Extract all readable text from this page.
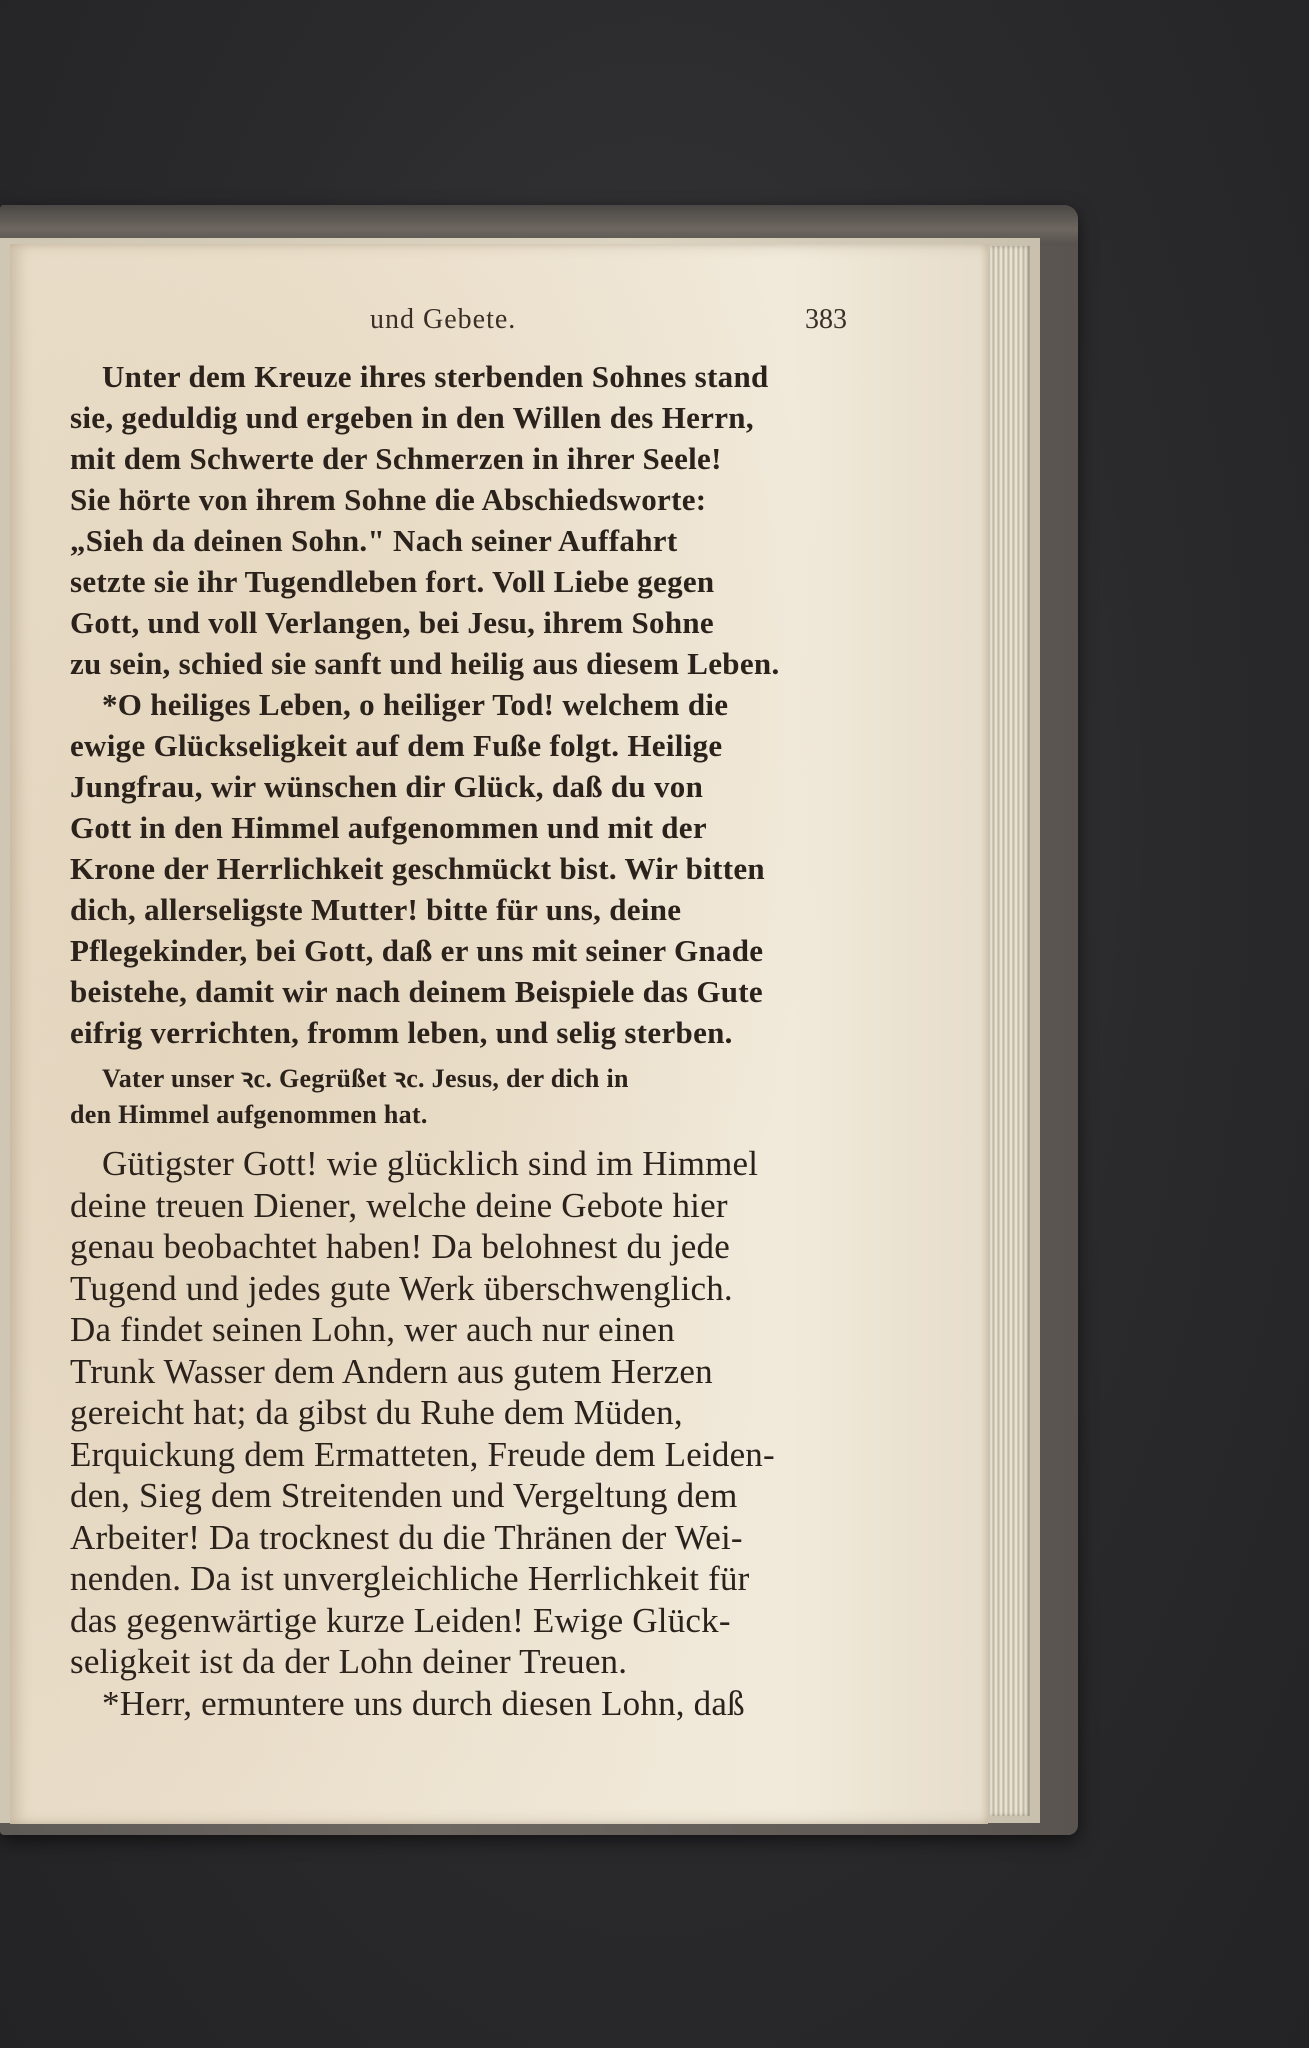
und Gebete.	383
Unter dem Kreuze ihres sterbenden Sohnes stand
sie, geduldig und ergeben in den Willen des Herrn,
mit dem Schwerte der Schmerzen in ihrer Seele!
Sie hörte von ihrem Sohne die Abschiedsworte:
„Sieh da deinen Sohn." Nach seiner Auffahrt
setzte sie ihr Tugendleben fort. Voll Liebe gegen
Gott, und voll Verlangen, bei Jesu, ihrem Sohne
zu sein, schied sie sanft und heilig aus diesem Leben.
*O heiliges Leben, o heiliger Tod! welchem die
ewige Glückseligkeit auf dem Fuße folgt. Heilige
Jungfrau, wir wünschen dir Glück, daß du von
Gott in den Himmel aufgenommen und mit der
Krone der Herrlichkeit geschmückt bist. Wir bitten
dich, allerseligste Mutter! bitte für uns, deine
Pflegekinder, bei Gott, daß er uns mit seiner Gnade
beistehe, damit wir nach deinem Beispiele das Gute
eifrig verrichten, fromm leben, und selig sterben.
Vater unser ꝛc. Gegrüßet ꝛc. Jesus, der dich in
den Himmel aufgenommen hat.
Gütigster Gott! wie glücklich sind im Himmel
deine treuen Diener, welche deine Gebote hier
genau beobachtet haben! Da belohnest du jede
Tugend und jedes gute Werk überschwenglich.
Da findet seinen Lohn, wer auch nur einen
Trunk Wasser dem Andern aus gutem Herzen
gereicht hat; da gibst du Ruhe dem Müden,
Erquickung dem Ermatteten, Freude dem Leiden-
den, Sieg dem Streitenden und Vergeltung dem
Arbeiter! Da trocknest du die Thränen der Wei-
nenden. Da ist unvergleichliche Herrlichkeit für
das gegenwärtige kurze Leiden! Ewige Glück-
seligkeit ist da der Lohn deiner Treuen.
*Herr, ermuntere uns durch diesen Lohn, daß
